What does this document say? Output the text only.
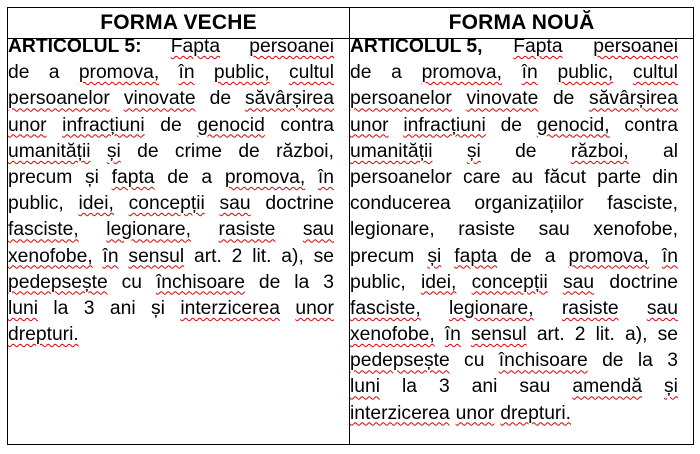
FORMA VECHE	FORMA NOUĂ
ARTICOLUL 5: Fapta persoanei
de a promova, în public, cultul
persoanelor vinovate de săvârșirea
unor infracțiuni de genocid contra
umanității și de crime de război,
precum și fapta de a promova, în
public, idei, concepții sau doctrine
fasciste, legionare, rasiste sau
xenofobe, în sensul art. 2 lit. a), se
pedepsește cu închisoare de la 3
luni la 3 ani și interzicerea unor
drepturi.
ARTICOLUL 5, Fapta persoanei
de a promova, în public, cultul
persoanelor vinovate de săvârșirea
unor infracțiuni de genocid, contra
umanității și de război, al
persoanelor care au făcut parte din
conducerea organizațiilor fasciste,
legionare, rasiste sau xenofobe,
precum și fapta de a promova, în
public, idei, concepții sau doctrine
fasciste, legionare, rasiste sau
xenofobe, în sensul art. 2 lit. a), se
pedepsește cu închisoare de la 3
luni la 3 ani sau amendă și
interzicerea unor drepturi.
